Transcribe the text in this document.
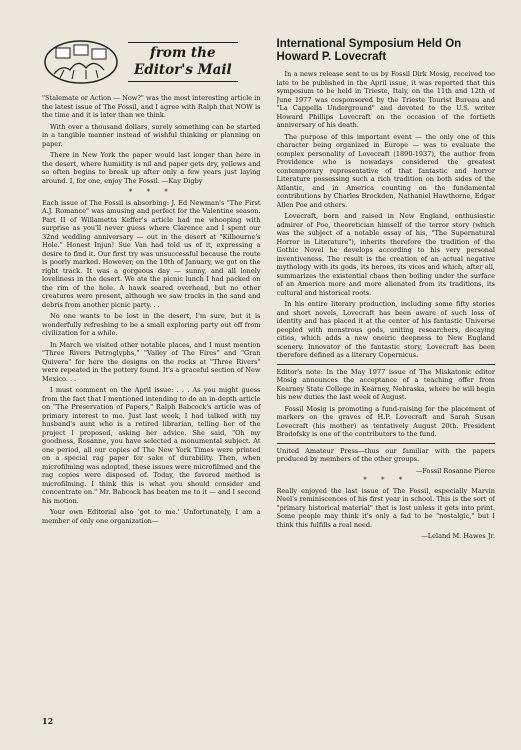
from the
Editor's Mail

"Stalemate or Action — Now?" was the most interesting article in the latest issue of The Fossil, and I agree with Ralph that NOW is the time and it is later than we think.

With over a thousand dollars, surely something can be started in a tangible manner instead of wishful thinking or planning on paper.

There in New York the paper would last longer than here in the desert, where humidity is nil and paper gets dry, yellows and so often begins to break up after only a few years just laying around. I, for one, enjoy The Fossil. —Kay Digby

* * *

Each issue of The Fossil is absorbing: J. Ed Newman's "The First A.J. Romance" was amusing and perfect for the Valentine season. Part II of Willametta Keffer's article had me whooping with surprise as you'll never guess where Clarence and I spent our 32nd wedding anniversary — out in the desert at "Kilbourne's Hole." Honest Injun! Sue Van had told us of it, expressing a desire to find it. Our first try was unsuccessful because the route is poorly marked. However, on the 10th of January, we got on the right track. It was a gorgeous day — sunny, and all lonely loveliness in the desert. We ate the picnic lunch I had packed on the rim of the hole. A hawk soared overhead, but no other creatures were present, although we saw tracks in the sand and debris from another picnic party. . .

No one wants to be lost in the desert, I'm sure, but it is wonderfully refreshing to be a small exploring party out off from civilization for a while.

In March we visited other notable places, and I must mention "Three Rivers Petroglyphs," "Valley of The Fires" and "Gran Quivera" for here the designs on the rocks at "Three Rivers" were repeated in the pottery found. It's a graceful section of New Mexico. . .

I must comment on the April issue: . . . As you might guess from the fact that I mentioned intending to do an in-depth article on "The Preservation of Papers," Ralph Babcock's article was of primary interest to me. Just last week, I had talked with my husband's aunt who is a retired librarian, telling her of the project I proposed, asking her advice. She said, "Oh my goodness, Rosanne, you have selected a monumental subject. At one period, all our copies of The New York Times were printed on a special rag paper for sake of durability. Then, when microfilming was adopted, these issues were microfilmed and the rag copies were disposed of. Today, the favored method is microfilming. I think this is what you should consider and concentrate on." Mr. Babcock has beaten me to it — and I second his motion.

Your own Editorial also 'got to me.' Unfortunately, I am a member of only one organization—

International Symposium Held On Howard P. Lovecraft

In a news release sent to us by Fossil Dirk Mosig, received too late to be published in the April issue, it was reported that this symposium to be held in Trieste, Italy, on the 11th and 12th of June 1977 was cosponsored by the Trieste Tourist Bureau and "La Cappella Underground" and devoted to the U.S. writer Howard Phillips Lovecraft on the occasion of the fortieth anniversary of his death.

The purpose of this important event — the only one of this character being organized in Europe — was to evaluate the complex personality of Lovecraft (1890-1937), the author from Providence who is nowadays considered the greatest contemporary representative of that fantastic and horror Literature possessing such a rich tradition on both sides of the Atlantic, and in America counting on the fundamental contributions by Charles Brockden, Nathaniel Hawthorne, Edgar Allen Poe and others.

Lovecraft, born and raised in New England, enthusiastic admirer of Poe, theoretician himself of the terror story (which was the subject of a notable essay of his, "The Supernatural Horror in Literature"), inherits therefore the tradition of the Gothic Novel he develops according to his very personal inventiveness. The result is the creation of an actual negative mythology with its gods, its heroes, its vices and which, after all, summarizes the existential chaos then boiling under the surface of an America more and more alienated from its traditions, its cultural and historical roots.

In his entire literary production, including some fifty stories and short novels, Lovecraft has been aware of such loss of identity and has placed it at the center of his fantastic Universe peopled with monstrous gods, uniting researchers, decaying cities, which adds a new oneiric deepness to New England scenery. Innovator of the fantastic story, Lovecraft has been therefore defined as a literary Copernicus.

Editor's note: In the May 1977 issue of The Miskatonic editor Mosig announces the acceptance of a teaching offer from Kearney State College in Kearney, Nebraska, where he will begin his new duties the last week of August.

Fossil Mosig is promoting a fund-raising for the placement of markers on the graves of H.P. Lovecraft and Sarah Susan Lovecraft (his mother) as tentatively August 20th. President Bradofsky is one of the contributors to the fund.

United Amateur Press—thus our familiar with the papers produced by members of the other groups.

—Fossil Rosanne Pierce
* * *

Really enjoyed the last issue of The Fossil, especially Marvin Neel's reminiscences of his first year in school. This is the sort of "primary historical material" that is lost unless it gets into print. Some people may think it's only a fad to be "nostalgic," but I think this fulfills a real need.

—Leland M. Hawes Jr.
12
